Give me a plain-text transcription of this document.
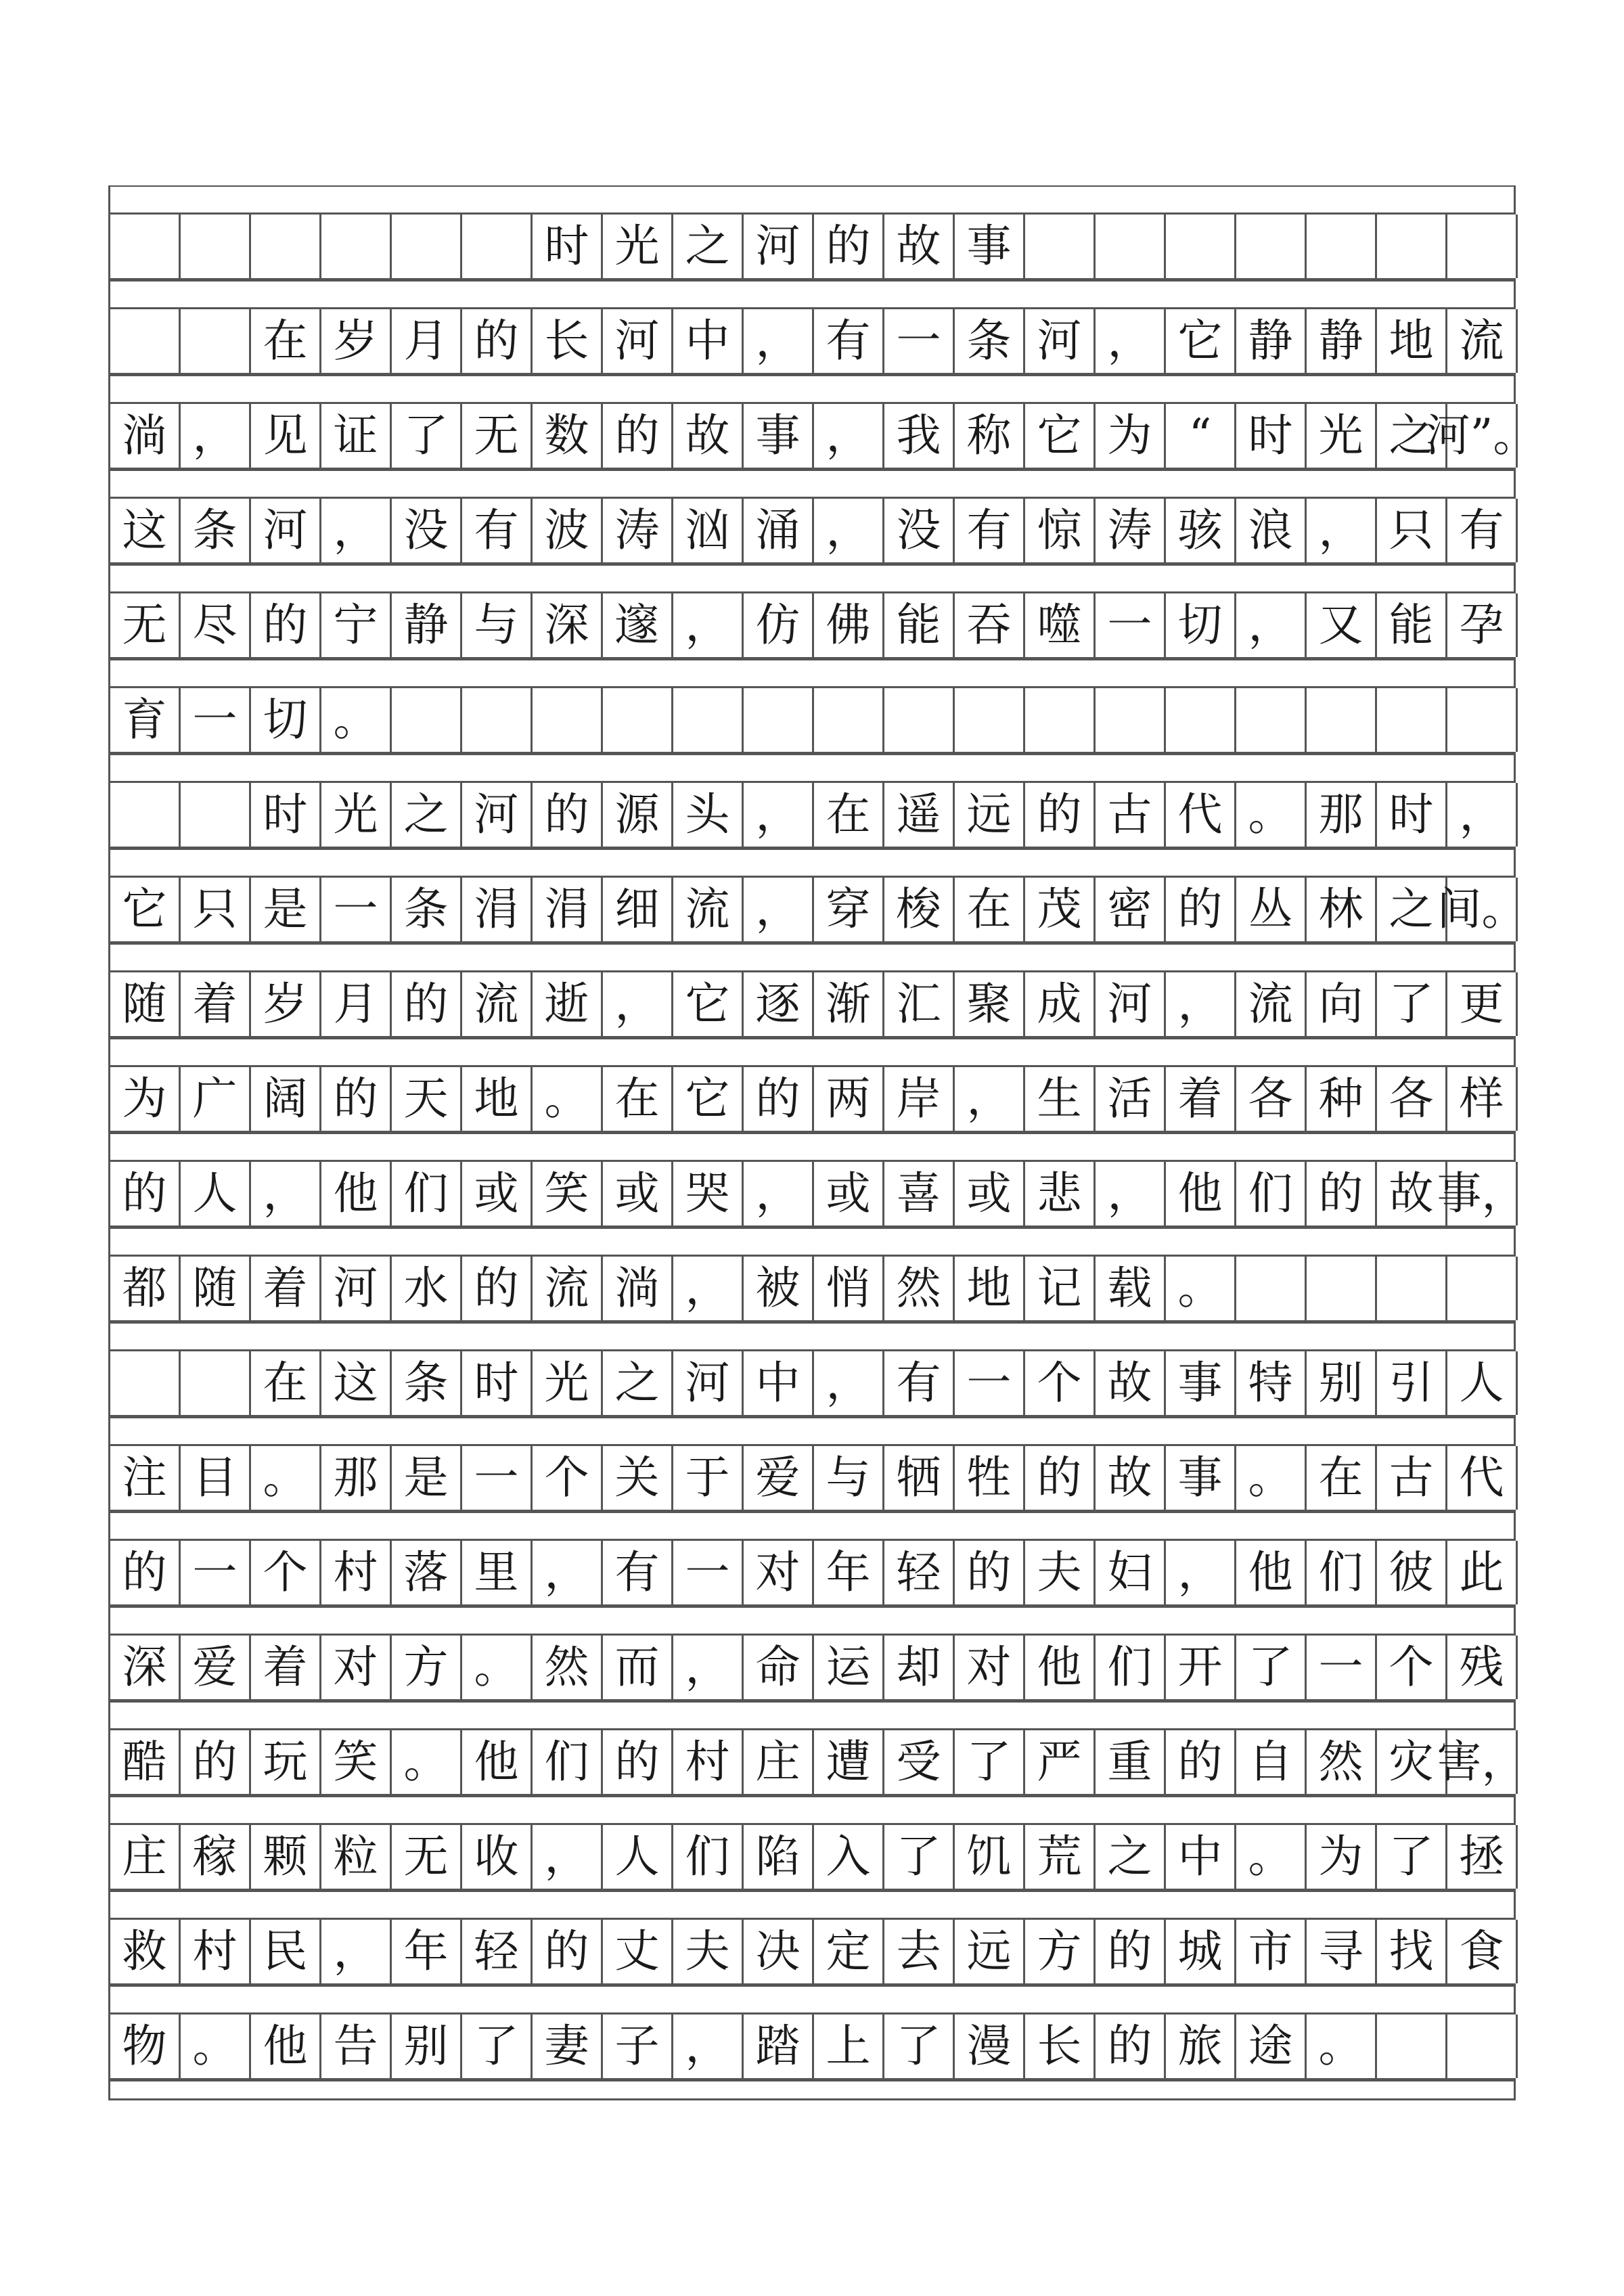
时 光 之 河 的 故 事
在 岁 月 的 长 河 中 ， 有 一 条 河 ， 它 静 静 地 流
淌 ， 见 证 了 无 数 的 故 事 ， 我 称 它 为 “ 时 光 之
河”。
这 条 河 ， 没 有 波 涛 汹 涌 ， 没 有 惊 涛 骇 浪 ， 只 有
无 尽 的 宁 静 与 深 邃 ， 仿 佛 能 吞 噬 一 切 ， 又 能 孕
育 一 切 。
时 光 之 河 的 源 头 ， 在 遥 远 的 古 代 。 那 时 ，
它 只 是 一 条 涓 涓 细 流 ， 穿 梭 在 茂 密 的 丛 林 之 间。
随 着 岁 月 的 流 逝 ， 它 逐 渐 汇 聚 成 河 ， 流 向 了 更
为 广 阔 的 天 地 。 在 它 的 两 岸 ， 生 活 着 各 种 各 样
的 人 ， 他 们 或 笑 或 哭 ， 或 喜 或 悲 ， 他 们 的 故 事，
都 随 着 河 水 的 流 淌 ， 被 悄 然 地 记 载 。
在 这 条 时 光 之 河 中 ， 有 一 个 故 事 特 别 引 人
注 目 。 那 是 一 个 关 于 爱 与 牺 牲 的 故 事 。 在 古 代
的 一 个 村 落 里 ， 有 一 对 年 轻 的 夫 妇 ， 他 们 彼 此
深 爱 着 对 方 。 然 而 ， 命 运 却 对 他 们 开 了 一 个 残
酷 的 玩 笑 。 他 们 的 村 庄 遭 受 了 严 重 的 自 然 灾 害，
庄 稼 颗 粒 无 收 ， 人 们 陷 入 了 饥 荒 之 中 。 为 了 拯
救 村 民 ， 年 轻 的 丈 夫 决 定 去 远 方 的 城 市 寻 找 食
物 。 他 告 别 了 妻 子 ， 踏 上 了 漫 长 的 旅 途 。
